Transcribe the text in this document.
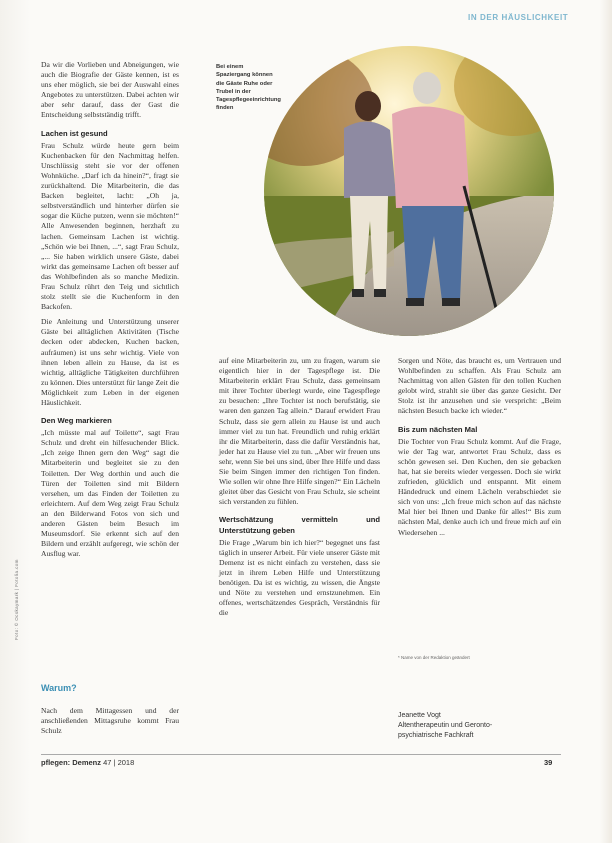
IN DER HÄUSLICHKEIT
Da wir die Vorlieben und Abneigungen, wie auch die Biografie der Gäste kennen, ist es uns eher möglich, sie bei der Auswahl eines Angebotes zu unterstützen. Dabei achten wir aber sehr darauf, dass der Gast die Entscheidung selbstständig trifft.
Lachen ist gesund
Frau Schulz würde heute gern beim Kuchenbacken für den Nachmittag helfen. Unschlüssig steht sie vor der offenen Wohnküche. „Darf ich da hinein?“, fragt sie zurückhaltend. Die Mitarbeiterin, die das Backen begleitet, lacht: „Oh ja, selbstverständlich und hinterher dürfen sie sogar die Küche putzen, wenn sie möchten!“ Alle Anwesenden beginnen, herzhaft zu lachen. Gemeinsam Lachen ist wichtig. „Schön wie bei Ihnen, ...“, sagt Frau Schulz, „... Sie haben wirklich unsere Gäste, dabei wirkt das gemeinsame Lachen oft besser auf das Wohlbefinden als so manche Medizin. Frau Schulz rührt den Teig und sichtlich stolz stellt sie die Kuchenform in den Backofen.
Die Anleitung und Unterstützung unserer Gäste bei alltäglichen Aktivitäten (Tische decken oder abdecken, Kuchen backen, aufräumen) ist uns sehr wichtig. Viele von ihnen leben allein zu Hause, da ist es wichtig, alltägliche Tätigkeiten durchführen zu können. Dies unterstützt für lange Zeit die Möglichkeit zum Leben in der eigenen Häuslichkeit.
Den Weg markieren
„Ich müsste mal auf Toilette“, sagt Frau Schulz und dreht ein hilfesuchender Blick. „Ich zeige Ihnen gern den Weg“ sagt die Mitarbeiterin und begleitet sie zu den Toiletten. Der Weg dorthin und auch die Türen der Toiletten sind mit Bildern versehen, um das Finden der Toiletten zu erleichtern. Auf dem Weg zeigt Frau Schulz an den Bilderwand Fotos von sich und anderen Gästen beim Besuch im Museumsdorf. Sie erkennt sich auf den Bildern und erzählt aufgeregt, wie schön der Ausflug war.
Bei einem Spaziergang können die Gäste Ruhe oder Trubel in der Tagespflegeeinrichtung finden
auf eine Mitarbeiterin zu, um zu fragen, warum sie eigentlich hier in der Tagespflege ist. Die Mitarbeiterin erklärt Frau Schulz, dass gemeinsam mit ihrer Tochter überlegt wurde, eine Tagespflege zu besuchen: „Ihre Tochter ist noch berufstätig, sie waren den ganzen Tag allein.“ Darauf erwidert Frau Schulz, dass sie gern allein zu Hause ist und auch immer viel zu tun hat. Freundlich und ruhig erklärt ihr die Mitarbeiterin, dass die dafür Verständnis hat, jeder hat zu Hause viel zu tun. „Aber wir freuen uns sehr, wenn Sie bei uns sind, über Ihre Hilfe und dass Sie beim Singen immer den richtigen Ton finden. Wie sollen wir ohne Ihre Hilfe singen?“ Ein Lächeln gleitet über das Gesicht von Frau Schulz, sie scheint sich verstanden zu fühlen.
Wertschätzung vermitteln und Unterstützung geben
Die Frage „Warum bin ich hier?“ begegnet uns fast täglich in unserer Arbeit. Für viele unserer Gäste mit Demenz ist es nicht einfach zu verstehen, dass sie jetzt in ihrem Leben Hilfe und Unterstützung benötigen. Da ist es wichtig, zu wissen, die Ängste und Nöte zu verstehen und ernstzunehmen. Ein offenes, wertschätzendes Gespräch, Verständnis für die
Sorgen und Nöte, das braucht es, um Vertrauen und Wohlbefinden zu schaffen. Als Frau Schulz am Nachmittag von allen Gästen für den tollen Kuchen gelobt wird, strahlt sie über das ganze Gesicht. Der Stolz ist ihr anzusehen und sie verspricht: „Beim nächsten Besuch backe ich wieder.“
Bis zum nächsten Mal
Die Tochter von Frau Schulz kommt. Auf die Frage, wie der Tag war, antwortet Frau Schulz, dass es schön gewesen sei. Den Kuchen, den sie gebacken hat, hat sie bereits wieder vergessen. Doch sie wirkt zufrieden, glücklich und entspannt. Mit einem Händedruck und einem Lächeln verabschiedet sie sich von uns: „Ich freue mich schon auf das nächste Mal hier bei Ihnen und Danke für alles!“ Bis zum nächsten Mal, denke auch ich und freue mich auf ein Wiedersehen ...
* Name von der Redaktion geändert
Warum?
Nach dem Mittagessen und der anschließenden Mittagsruhe kommt Frau Schulz
Jeanette Vogt
Altentherapeutin und Geronto-
psychiatrische Fachkraft
pflegen: Demenz 47 | 2018	39
Foto: © Ocskaymark | Fotolia.com
